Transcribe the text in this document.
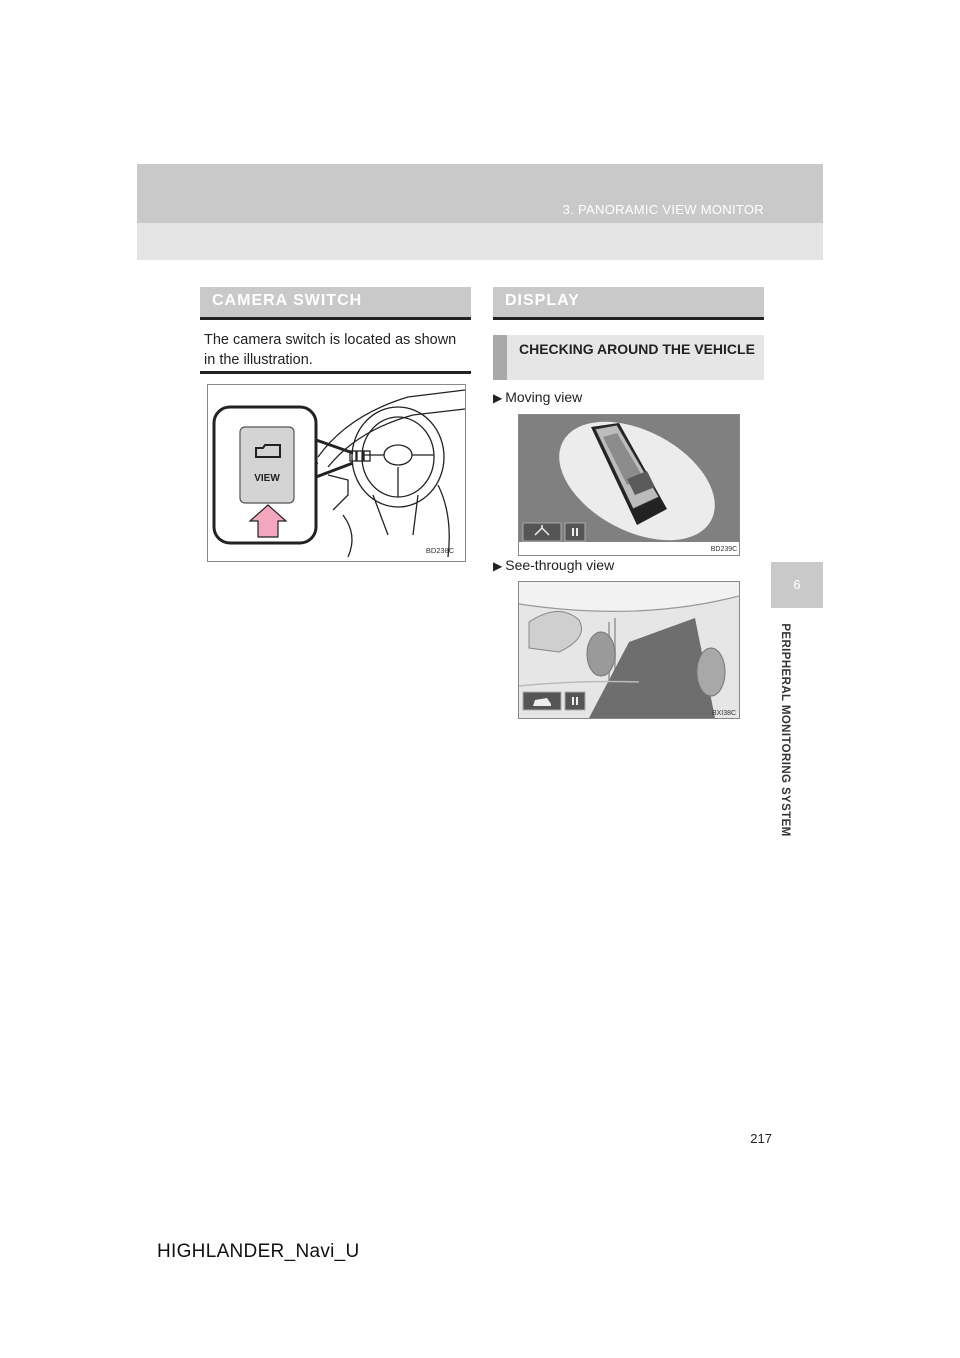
3. PANORAMIC VIEW MONITOR
6
PERIPHERAL MONITORING SYSTEM
CAMERA SWITCH
The camera switch is located as shown in the illustration.
VIEW
BD238C
DISPLAY
CHECKING AROUND THE VEHICLE
▶ Moving view
BD239C
▶ See-through view
BXI38C
217
HIGHLANDER_Navi_U
